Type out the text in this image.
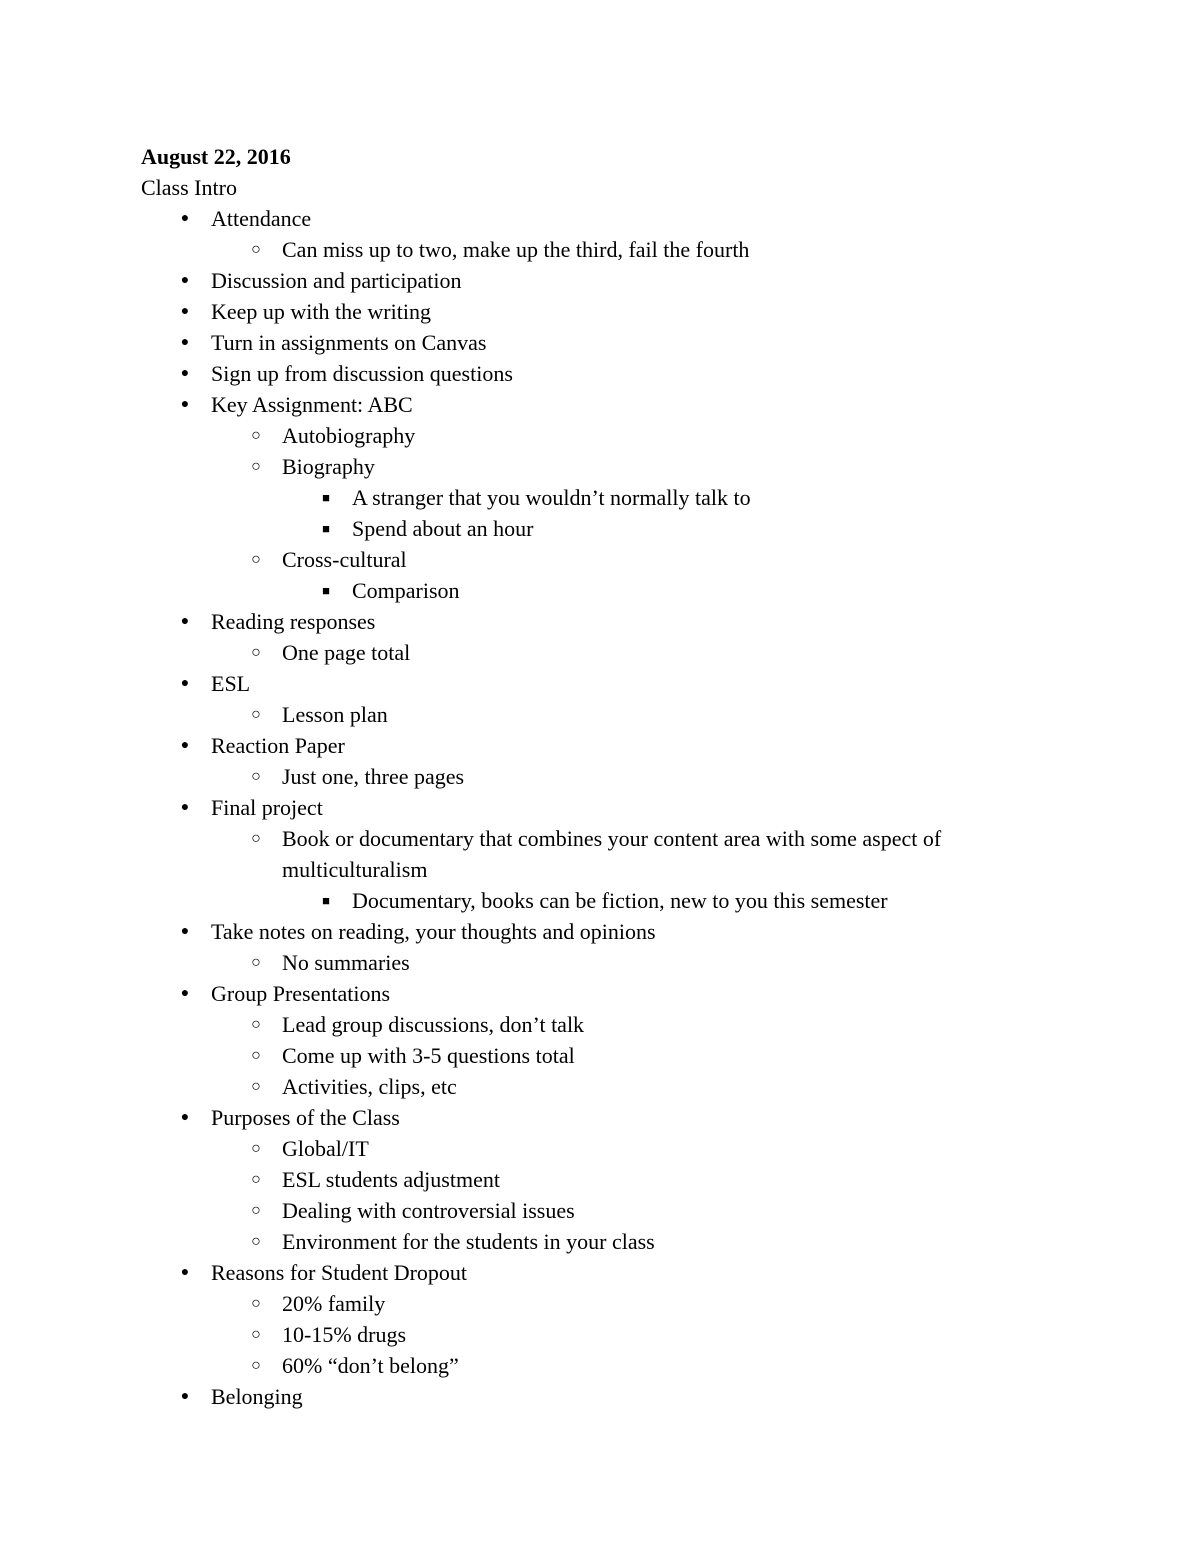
August 22, 2016
Class Intro
● Attendance
○ Can miss up to two, make up the third, fail the fourth
● Discussion and participation
● Keep up with the writing
● Turn in assignments on Canvas
● Sign up from discussion questions
● Key Assignment: ABC
○ Autobiography
○ Biography
■ A stranger that you wouldn’t normally talk to
■ Spend about an hour
○ Cross-cultural
■ Comparison
● Reading responses
○ One page total
● ESL
○ Lesson plan
● Reaction Paper
○ Just one, three pages
● Final project
○ Book or documentary that combines your content area with some aspect of multiculturalism
■ Documentary, books can be fiction, new to you this semester
● Take notes on reading, your thoughts and opinions
○ No summaries
● Group Presentations
○ Lead group discussions, don’t talk
○ Come up with 3-5 questions total
○ Activities, clips, etc
● Purposes of the Class
○ Global/IT
○ ESL students adjustment
○ Dealing with controversial issues
○ Environment for the students in your class
● Reasons for Student Dropout
○ 20% family
○ 10-15% drugs
○ 60% “don’t belong”
● Belonging
